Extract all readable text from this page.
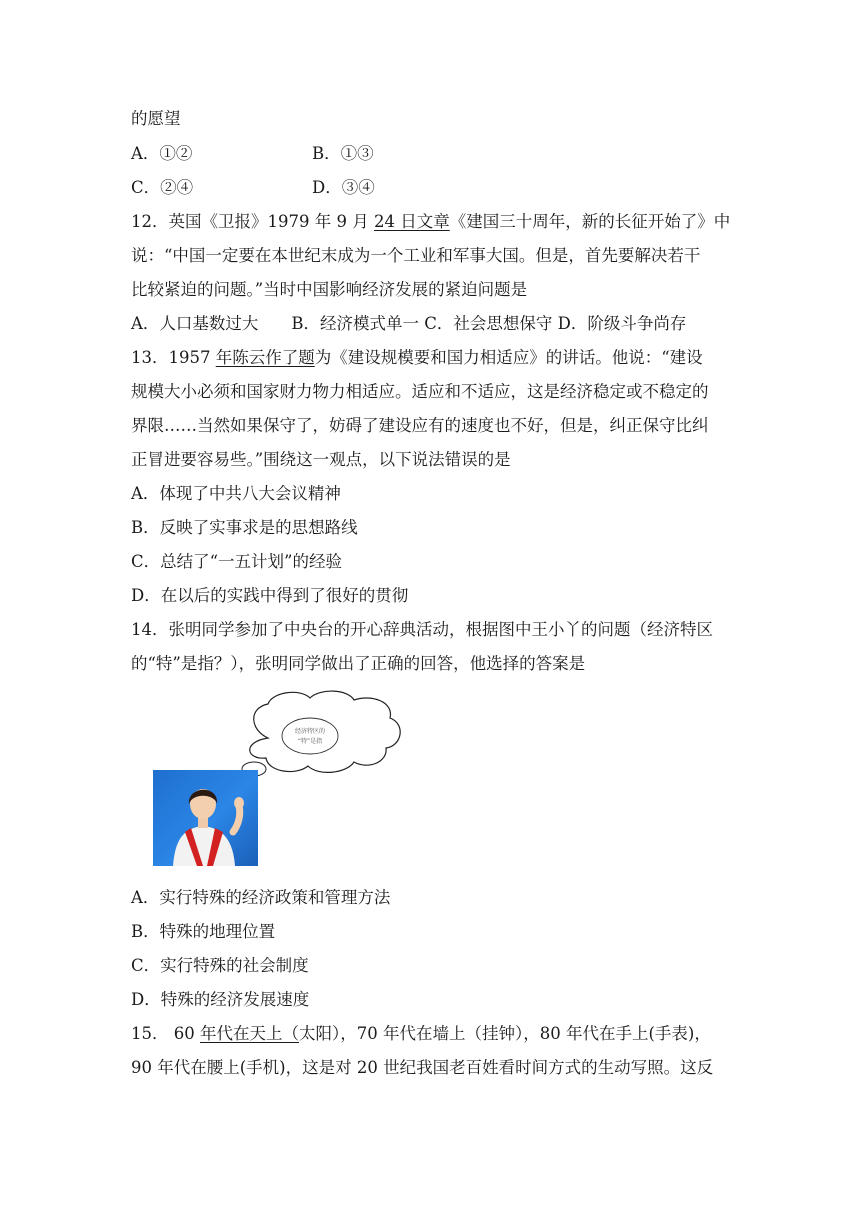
的愿望
A．①②	B．①③
C．②④	D．③④
12．英国《卫报》1979 年 9 月 24 日文章《建国三十周年，新的长征开始了》中
说：“中国一定要在本世纪末成为一个工业和军事大国。但是，首先要解决若干
比较紧迫的问题。”当时中国影响经济发展的紧迫问题是
A．人口基数过大　　B．经济模式单一 C．社会思想保守 D．阶级斗争尚存
13．1957 年陈云作了题为《建设规模要和国力相适应》的讲话。他说：“建设
规模大小必须和国家财力物力相适应。适应和不适应，这是经济稳定或不稳定的
界限……当然如果保守了，妨碍了建设应有的速度也不好，但是，纠正保守比纠
正冒进要容易些。”围绕这一观点，以下说法错误的是
A．体现了中共八大会议精神
B．反映了实事求是的思想路线
C．总结了“一五计划”的经验
D．在以后的实践中得到了很好的贯彻
14．张明同学参加了中央台的开心辞典活动，根据图中王小丫的问题（经济特区
的“特”是指？），张明同学做出了正确的回答，他选择的答案是
经济特区的
“特”是指
A．实行特殊的经济政策和管理方法
B．特殊的地理位置
C．实行特殊的社会制度
D．特殊的经济发展速度
15． 60 年代在天上（太阳），70 年代在墙上（挂钟），80 年代在手上(手表)，
90 年代在腰上(手机)，这是对 20 世纪我国老百姓看时间方式的生动写照。这反
